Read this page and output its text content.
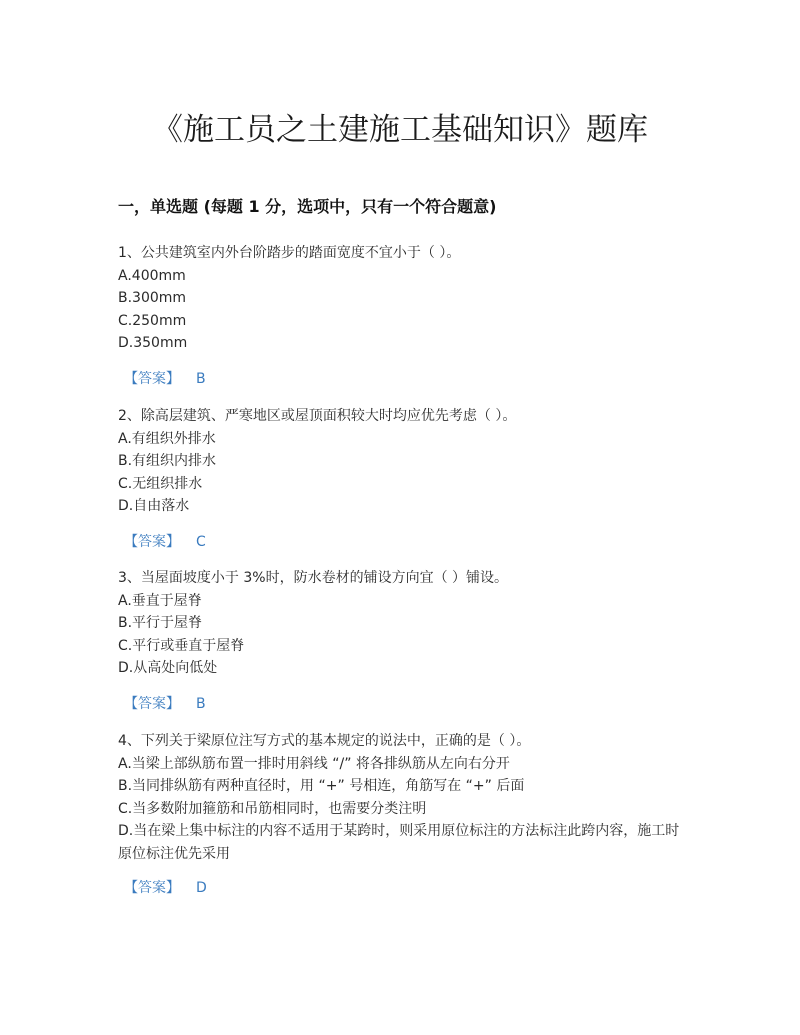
《施工员之土建施工基础知识》题库
一，单选题 (每题 1 分，选项中，只有一个符合题意)

1、公共建筑室内外台阶踏步的踏面宽度不宜小于（ ）。

A.400mm

B.300mm

C.250mm

D.350mm

【答案】 B

2、除高层建筑、严寒地区或屋顶面积较大时均应优先考虑（ ）。

A.有组织外排水

B.有组织内排水

C.无组织排水

D.自由落水

【答案】 C

3、当屋面坡度小于 3%时，防水卷材的铺设方向宜（ ）铺设。

A.垂直于屋脊

B.平行于屋脊

C.平行或垂直于屋脊

D.从高处向低处

【答案】 B

4、下列关于梁原位注写方式的基本规定的说法中，正确的是（ ）。

A.当梁上部纵筋布置一排时用斜线 “/” 将各排纵筋从左向右分开

B.当同排纵筋有两种直径时，用 “+” 号相连，角筋写在 “+” 后面

C.当多数附加箍筋和吊筋相同时，也需要分类注明

D.当在梁上集中标注的内容不适用于某跨时，则采用原位标注的方法标注此跨内容，施工时原位标注优先采用

【答案】 D
